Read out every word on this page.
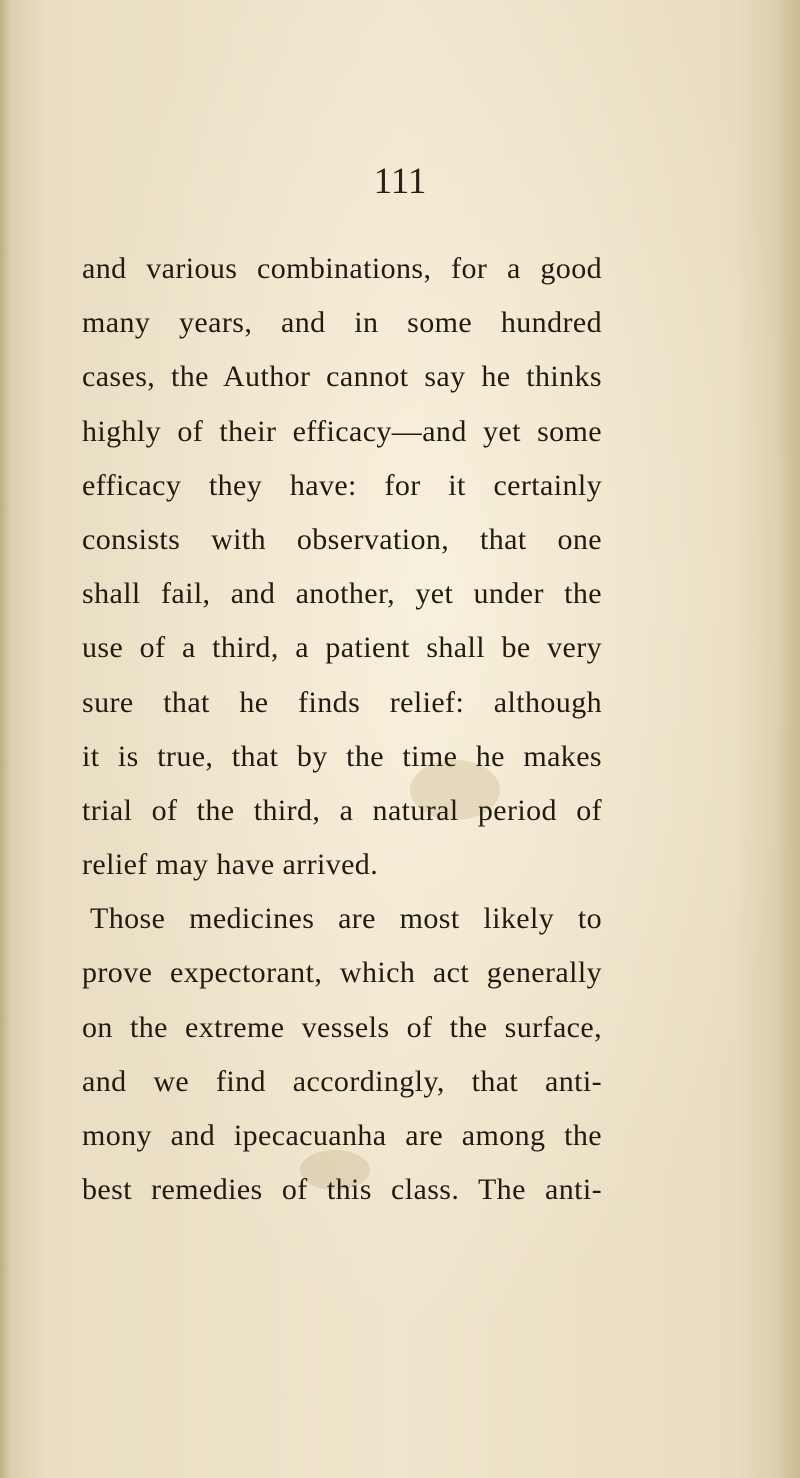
111

and various combinations, for a good
many years, and in some hundred
cases, the Author cannot say he thinks
highly of their efficacy—and yet some
efficacy they have: for it certainly
consists with observation, that one
shall fail, and another, yet under the
use of a third, a patient shall be very
sure that he finds relief: although
it is true, that by the time he makes
trial of the third, a natural period of
relief may have arrived.
Those medicines are most likely to
prove expectorant, which act generally
on the extreme vessels of the surface,
and we find accordingly, that anti-
mony and ipecacuanha are among the
best remedies of this class. The anti-
